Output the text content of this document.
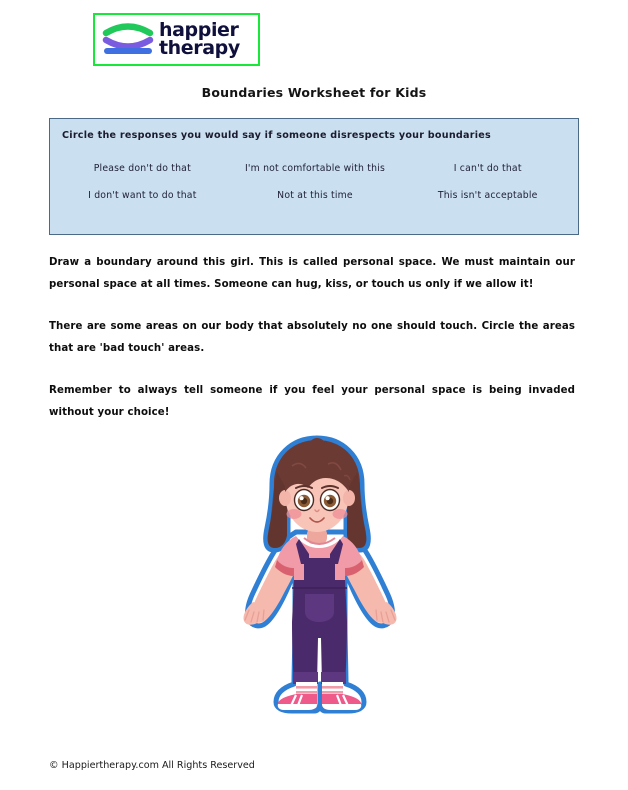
happier
therapy
Boundaries Worksheet for Kids
Circle the responses you would say if someone disrespects your boundaries
Please don't do that	I'm not comfortable with this	I can't do that
I don't want to do that	Not at this time	This isn't acceptable

Draw a boundary around this girl. This is called personal space. We must maintain our personal space at all times. Someone can hug, kiss, or touch us only if we allow it!

There are some areas on our body that absolutely no one should touch. Circle the areas that are 'bad touch' areas.

Remember to always tell someone if you feel your personal space is being invaded without your choice!

© Happiertherapy.com All Rights Reserved
